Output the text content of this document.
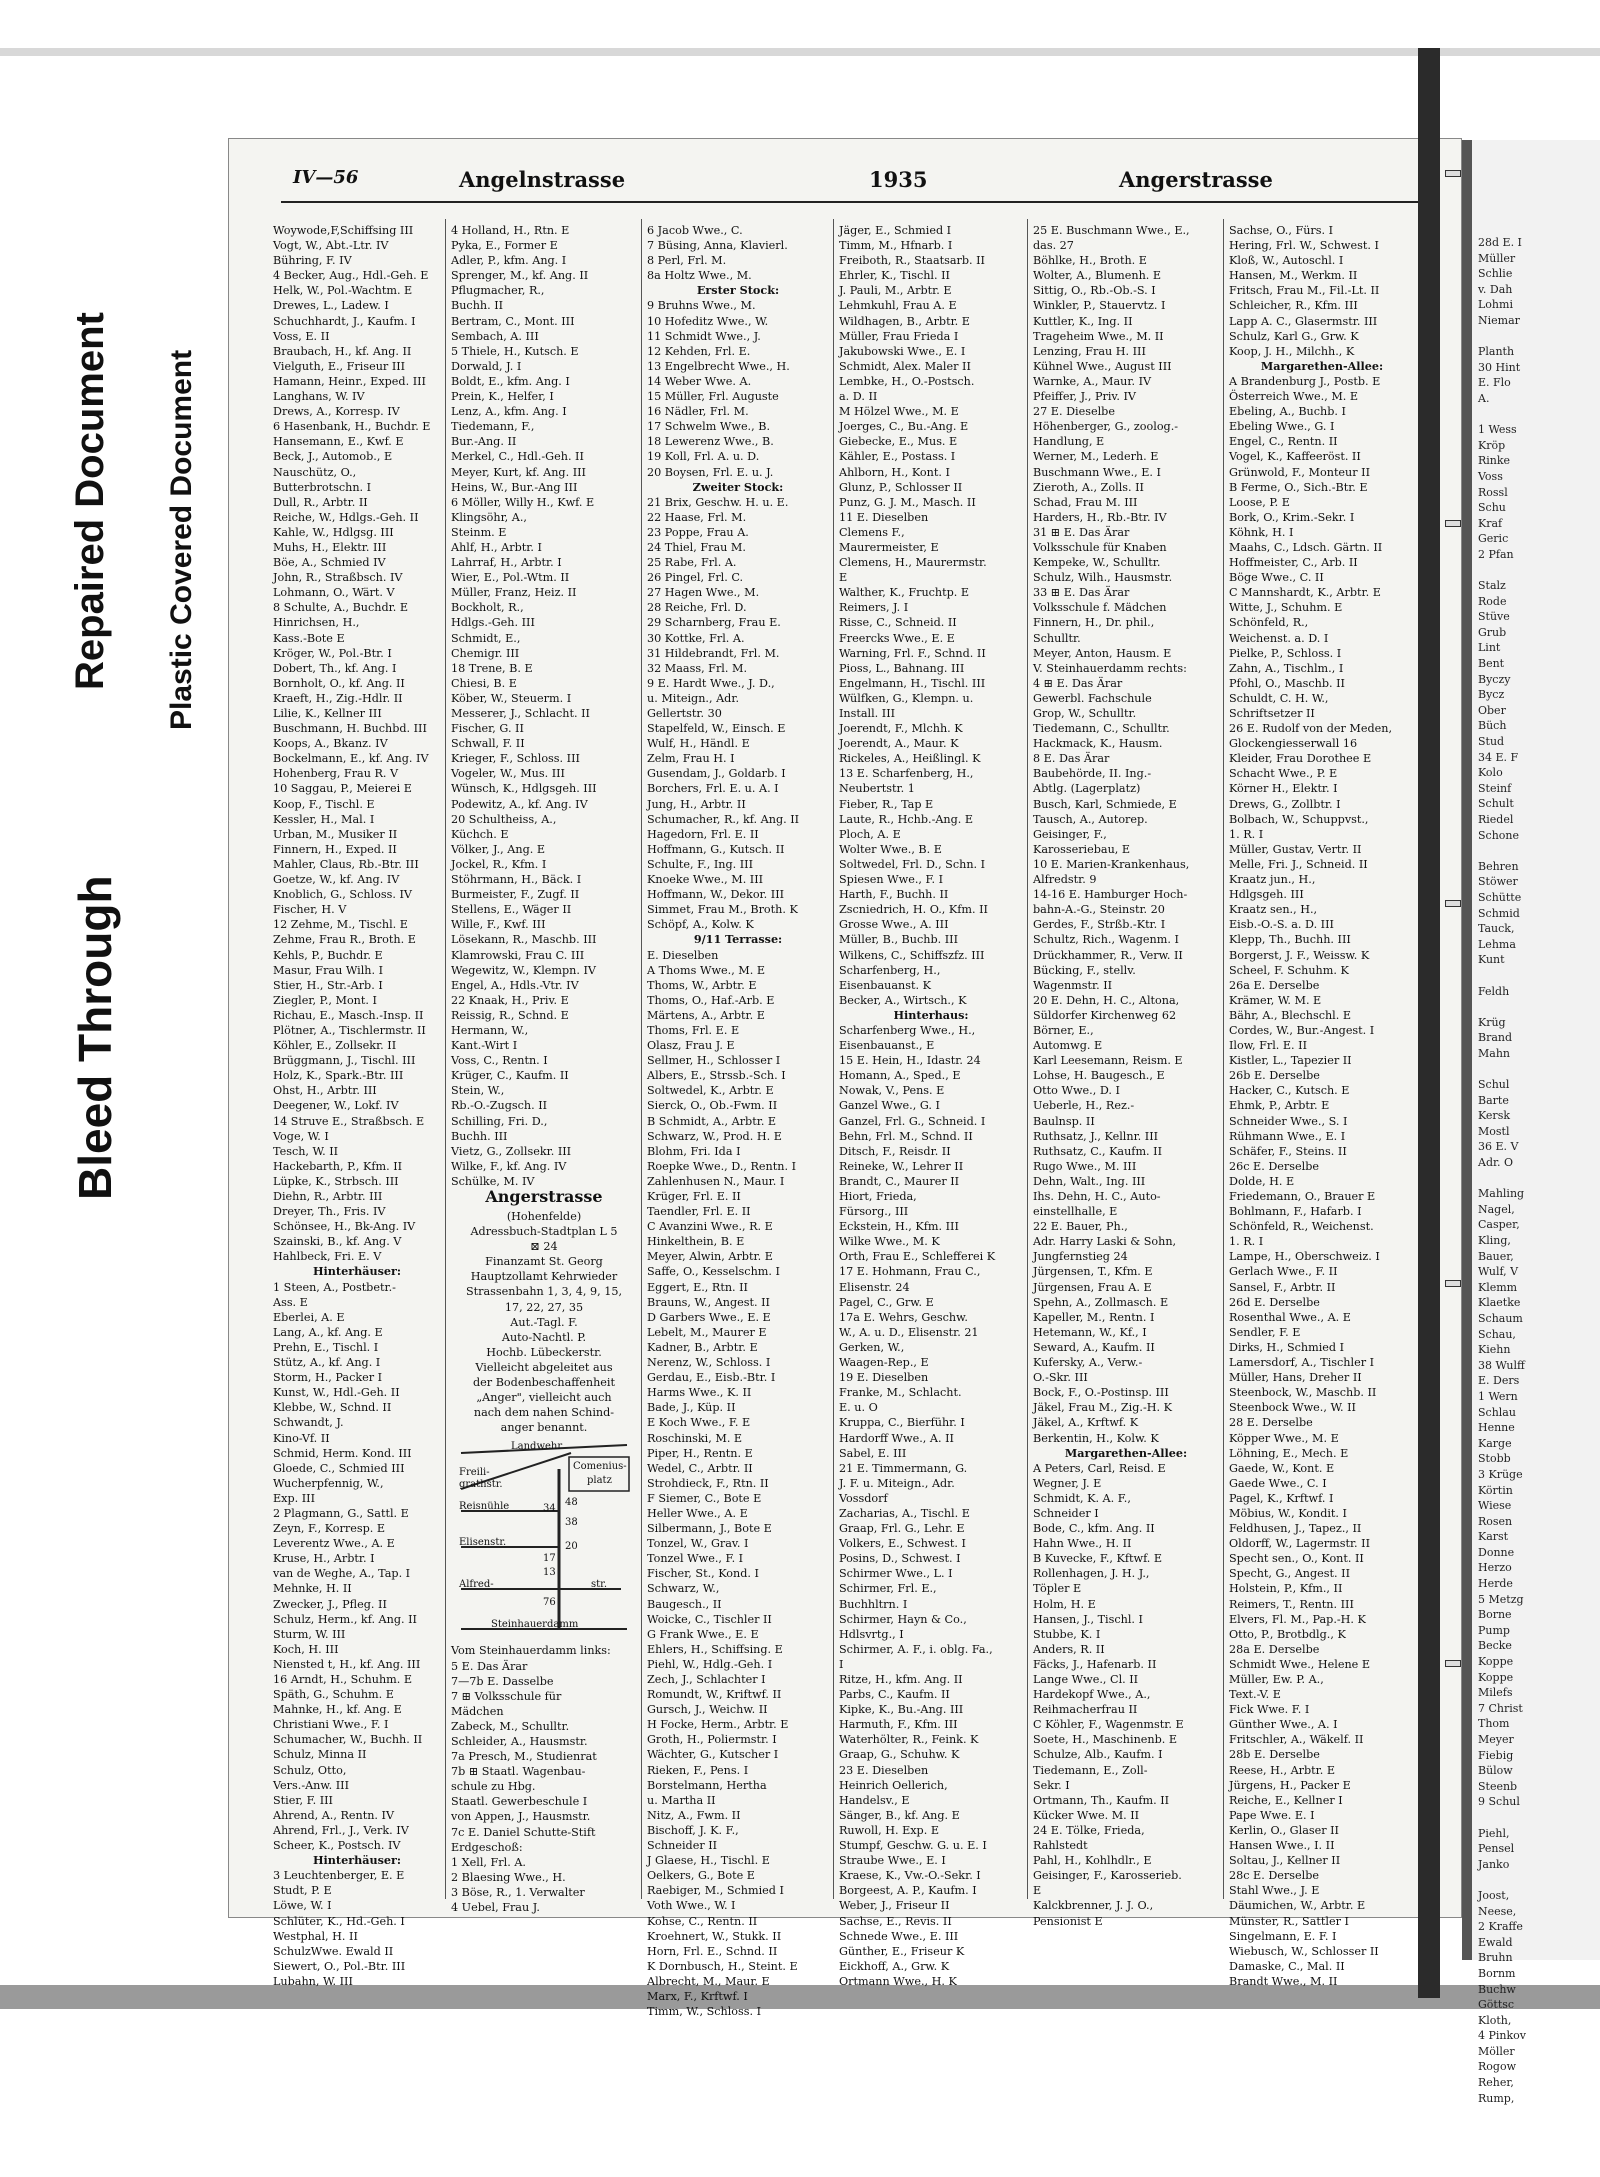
Bleed Through
Repaired Document Plastic Covered Document
IV—56	Angelnstrasse	1935	Angerstrasse
Woywode,F,Schiffsing III
Vogt, W., Abt.-Ltr. IV
Bühring, F. IV
4 Becker, Aug., Hdl.-Geh. E
Helk, W., Pol.-Wachtm. E
Drewes, L., Ladew. I
Schuchhardt, J., Kaufm. I
Voss, E. II
Braubach, H., kf. Ang. II
Vielguth, E., Friseur III
Hamann, Heinr., Exped. III
Langhans, W. IV
Drews, A., Korresp. IV
6 Hasenbank, H., Buchdr. E
Hansemann, E., Kwf. E
Beck, J., Automob., E
Nauschütz, O.,
Butterbrotschn. I
Dull, R., Arbtr. II
Reiche, W., Hdlgs.-Geh. II
Kahle, W., Hdlgsg. III
Muhs, H., Elektr. III
Böe, A., Schmied IV
John, R., Straßbsch. IV
Lohmann, O., Wärt. V
8 Schulte, A., Buchdr. E
Hinrichsen, H.,
Kass.-Bote E
Kröger, W., Pol.-Btr. I
Dobert, Th., kf. Ang. I
Bornholt, O., kf. Ang. II
Kraeft, H., Zig.-Hdlr. II
Lilie, K., Kellner III
Buschmann, H. Buchbd. III
Koops, A., Bkanz. IV
Bockelmann, E., kf. Ang. IV
Hohenberg, Frau R. V
10 Saggau, P., Meierei E
Koop, F., Tischl. E
Kessler, H., Mal. I
Urban, M., Musiker II
Finnern, H., Exped. II
Mahler, Claus, Rb.-Btr. III
Goetze, W., kf. Ang. IV
Knoblich, G., Schloss. IV
Fischer, H. V
12 Zehme, M., Tischl. E
Zehme, Frau R., Broth. E
Kehls, P., Buchdr. E
Masur, Frau Wilh. I
Stier, H., Str.-Arb. I
Ziegler, P., Mont. I
Richau, E., Masch.-Insp. II
Plötner, A., Tischlermstr. II
Köhler, E., Zollsekr. II
Brüggmann, J., Tischl. III
Holz, K., Spark.-Btr. III
Ohst, H., Arbtr. III
Deegener, W., Lokf. IV
14 Struve E., Straßbsch. E
Voge, W. I
Tesch, W. II
Hackebarth, P., Kfm. II
Lüpke, K., Strbsch. III
Diehn, R., Arbtr. III
Dreyer, Th., Fris. IV
Schönsee, H., Bk-Ang. IV
Szainski, B., kf. Ang. V
Hahlbeck, Fri. E. V
Hinterhäuser:
1 Steen, A., Postbetr.-
Ass. E
Eberlei, A. E
Lang, A., kf. Ang. E
Prehn, E., Tischl. I
Stütz, A., kf. Ang. I
Storm, H., Packer I
Kunst, W., Hdl.-Geh. II
Klebbe, W., Schnd. II
Schwandt, J.
Kino-Vf. II
Schmid, Herm. Kond. III
Gloede, C., Schmied III
Wucherpfennig, W.,
Exp. III
2 Plagmann, G., Sattl. E
Zeyn, F., Korresp. E
Leverentz Wwe., A. E
Kruse, H., Arbtr. I
van de Weghe, A., Tap. I
Mehnke, H. II
Zwecker, J., Pfleg. II
Schulz, Herm., kf. Ang. II
Sturm, W. III
Koch, H. III
Niensted t, H., kf. Ang. III
16 Arndt, H., Schuhm. E
Späth, G., Schuhm. E
Mahnke, H., kf. Ang. E
Christiani Wwe., F. I
Schumacher, W., Buchh. II
Schulz, Minna II
Schulz, Otto,
Vers.-Anw. III
Stier, F. III
Ahrend, A., Rentn. IV
Ahrend, Frl., J., Verk. IV
Scheer, K., Postsch. IV
Hinterhäuser:
3 Leuchtenberger, E. E
Studt, P. E
Löwe, W. I
Schlüter, K., Hd.-Geh. I
Westphal, H. II
SchulzWwe. Ewald II
Siewert, O., Pol.-Btr. III
Lubahn, W. III
4 Holland, H., Rtn. E
Pyka, E., Former E
Adler, P., kfm. Ang. I
Sprenger, M., kf. Ang. II
Pflugmacher, R.,
Buchh. II
Bertram, C., Mont. III
Sembach, A. III
5 Thiele, H., Kutsch. E
Dorwald, J. I
Boldt, E., kfm. Ang. I
Prein, K., Helfer, I
Lenz, A., kfm. Ang. I
Tiedemann, F.,
Bur.-Ang. II
Merkel, C., Hdl.-Geh. II
Meyer, Kurt, kf. Ang. III
Heins, W., Bur.-Ang III
6 Möller, Willy H., Kwf. E
Klingsöhr, A.,
Steinm. E
Ahlf, H., Arbtr. I
Lahrraf, H., Arbtr. I
Wier, E., Pol.-Wtm. II
Müller, Franz, Heiz. II
Bockholt, R.,
Hdlgs.-Geh. III
Schmidt, E.,
Chemigr. III
18 Trene, B. E
Chiesi, B. E
Köber, W., Steuerm. I
Messerer, J., Schlacht. II
Fischer, G. II
Schwall, F. II
Krieger, F., Schloss. III
Vogeler, W., Mus. III
Wünsch, K., Hdlgsgeh. III
Podewitz, A., kf. Ang. IV
20 Schultheiss, A.,
Küchch. E
Völker, J., Ang. E
Jockel, R., Kfm. I
Stöhrmann, H., Bäck. I
Burmeister, F., Zugf. II
Stellens, E., Wäger II
Wille, F., Kwf. III
Lösekann, R., Maschb. III
Klamrowski, Frau C. III
Wegewitz, W., Klempn. IV
Engel, A., Hdls.-Vtr. IV
22 Knaak, H., Priv. E
Reissig, R., Schnd. E
Hermann, W.,
Kant.-Wirt I
Voss, C., Rentn. I
Krüger, C., Kaufm. II
Stein, W.,
Rb.-O.-Zugsch. II
Schilling, Fri. D.,
Buchh. III
Vietz, G., Zollsekr. III
Wilke, F., kf. Ang. IV
Schülke, M. IV
Angerstrasse
(Hohenfelde)
Adressbuch-Stadtplan L 5
⊠ 24
Finanzamt St. Georg
Hauptzollamt Kehrwieder
Strassenbahn 1, 3, 4, 9, 15,
17, 22, 27, 35
Aut.-Tagl. F.
Auto-Nachtl. P.
Hochb. Lübeckerstr.
Vielleicht abgeleitet aus
der Bodenbeschaffenheit
„Anger", vielleicht auch
nach dem nahen Schind-
anger benannt.
Landwehr
Freili-
grathstr.
Comenius-
platz
Reisnühle
Elisenstr.
Alfred-	str.
Steinhauerdamm
48
34
38
20
17
13
76
Vom Steinhauerdamm links:
5 E. Das Ärar
7—7b E. Dasselbe
7 ⊞ Volksschule für
Mädchen
Zabeck, M., Schulltr.
Schleider, A., Hausmstr.
7a Presch, M., Studienrat
7b ⊞ Staatl. Wagenbau-
schule zu Hbg.
Staatl. Gewerbeschule I
von Appen, J., Hausmstr.
7c E. Daniel Schutte-Stift
Erdgeschoß:
1 Xell, Frl. A.
2 Blaesing Wwe., H.
3 Böse, R., 1. Verwalter
4 Uebel, Frau J.
6 Jacob Wwe., C.
7 Büsing, Anna, Klavierl.
8 Perl, Frl. M.
8a Holtz Wwe., M.
Erster Stock:
9 Bruhns Wwe., M.
10 Hofeditz Wwe., W.
11 Schmidt Wwe., J.
12 Kehden, Frl. E.
13 Engelbrecht Wwe., H.
14 Weber Wwe. A.
15 Müller, Frl. Auguste
16 Nädler, Frl. M.
17 Schwelm Wwe., B.
18 Lewerenz Wwe., B.
19 Koll, Frl. A. u. D.
20 Boysen, Frl. E. u. J.
Zweiter Stock:
21 Brix, Geschw. H. u. E.
22 Haase, Frl. M.
23 Poppe, Frau A.
24 Thiel, Frau M.
25 Rabe, Frl. A.
26 Pingel, Frl. C.
27 Hagen Wwe., M.
28 Reiche, Frl. D.
29 Scharnberg, Frau E.
30 Kottke, Frl. A.
31 Hildebrandt, Frl. M.
32 Maass, Frl. M.
9 E. Hardt Wwe., J. D.,
u. Miteign., Adr.
Gellertstr. 30
Stapelfeld, W., Einsch. E
Wulf, H., Händl. E
Zelm, Frau H. I
Gusendam, J., Goldarb. I
Borchers, Frl. E. u. A. I
Jung, H., Arbtr. II
Schumacher, R., kf. Ang. II
Hagedorn, Frl. E. II
Hoffmann, G., Kutsch. II
Schulte, F., Ing. III
Knoeke Wwe., M. III
Hoffmann, W., Dekor. III
Simmet, Frau M., Broth. K
Schöpf, A., Kolw. K
9/11 Terrasse:
E. Dieselben
A Thoms Wwe., M. E
Thoms, W., Arbtr. E
Thoms, O., Haf.-Arb. E
Märtens, A., Arbtr. E
Thoms, Frl. E. E
Olasz, Frau J. E
Sellmer, H., Schlosser I
Albers, E., Strssb.-Sch. I
Soltwedel, K., Arbtr. E
Sierck, O., Ob.-Fwm. II
B Schmidt, A., Arbtr. E
Schwarz, W., Prod. H. E
Blohm, Fri. Ida I
Roepke Wwe., D., Rentn. I
Zahlenhusen N., Maur. I
Krüger, Frl. E. II
Taendler, Frl. E. II
C Avanzini Wwe., R. E
Hinkelthein, B. E
Meyer, Alwin, Arbtr. E
Saffe, O., Kesselschm. I
Eggert, E., Rtn. II
Brauns, W., Angest. II
D Garbers Wwe., E. E
Lebelt, M., Maurer E
Kadner, B., Arbtr. E
Nerenz, W., Schloss. I
Gerdau, E., Eisb.-Btr. I
Harms Wwe., K. II
Bade, J., Küp. II
E Koch Wwe., F. E
Roschinski, M. E
Piper, H., Rentn. E
Wedel, C., Arbtr. II
Strohdieck, F., Rtn. II
F Siemer, C., Bote E
Heller Wwe., A. E
Silbermann, J., Bote E
Tonzel, W., Grav. I
Tonzel Wwe., F. I
Fischer, St., Kond. I
Schwarz, W.,
Baugesch., II
Woicke, C., Tischler II
G Frank Wwe., E. E
Ehlers, H., Schiffsing. E
Piehl, W., Hdlg.-Geh. I
Zech, J., Schlachter I
Romundt, W., Kriftwf. II
Gursch, J., Weichw. II
H Focke, Herm., Arbtr. E
Groth, H., Poliermstr. I
Wächter, G., Kutscher I
Rieken, F., Pens. I
Borstelmann, Hertha
u. Martha II
Nitz, A., Fwm. II
Bischoff, J. K. F.,
Schneider II
J Glaese, H., Tischl. E
Oelkers, G., Bote E
Raebiger, M., Schmied I
Voth Wwe., W. I
Kohse, C., Rentn. II
Kroehnert, W., Stukk. II
Horn, Frl. E., Schnd. II
K Dornbusch, H., Steint. E
Albrecht, M., Maur. E
Marx, F., Krftwf. I
Timm, W., Schloss. I
Jäger, E., Schmied I
Timm, M., Hfnarb. I
Freiboth, R., Staatsarb. II
Ehrler, K., Tischl. II
J. Pauli, M., Arbtr. E
Lehmkuhl, Frau A. E
Wildhagen, B., Arbtr. E
Müller, Frau Frieda I
Jakubowski Wwe., E. I
Schmidt, Alex. Maler II
Lembke, H., O.-Postsch.
a. D. II
M Hölzel Wwe., M. E
Joerges, C., Bu.-Ang. E
Giebecke, E., Mus. E
Kähler, E., Postass. I
Ahlborn, H., Kont. I
Glunz, P., Schlosser II
Punz, G. J. M., Masch. II
11 E. Dieselben
Clemens F.,
Maurermeister, E
Clemens, H., Maurermstr.
E
Walther, K., Fruchtp. E
Reimers, J. I
Risse, C., Schneid. II
Freercks Wwe., E. E
Warning, Frl. F., Schnd. II
Pioss, L., Bahnang. III
Engelmann, H., Tischl. III
Wülfken, G., Klempn. u.
Install. III
Joerendt, F., Mlchh. K
Joerendt, A., Maur. K
Rickeles, A., Heißlingl. K
13 E. Scharfenberg, H.,
Neubertstr. 1
Fieber, R., Tap E
Laute, R., Hchb.-Ang. E
Ploch, A. E
Wolter Wwe., B. E
Soltwedel, Frl. D., Schn. I
Spiesen Wwe., F. I
Harth, F., Buchh. II
Zscniedrich, H. O., Kfm. II
Grosse Wwe., A. III
Müller, B., Buchb. III
Wilkens, C., Schiffszfz. III
Scharfenberg, H.,
Eisenbauanst. K
Becker, A., Wirtsch., K
Hinterhaus:
Scharfenberg Wwe., H.,
Eisenbauanst., E
15 E. Hein, H., Idastr. 24
Homann, A., Sped., E
Nowak, V., Pens. E
Ganzel Wwe., G. I
Ganzel, Frl. G., Schneid. I
Behn, Frl. M., Schnd. II
Ditsch, F., Reisdr. II
Reineke, W., Lehrer II
Brandt, C., Maurer II
Hiort, Frieda,
Fürsorg., III
Eckstein, H., Kfm. III
Wilke Wwe., M. K
Orth, Frau E., Schlefferei K
17 E. Hohmann, Frau C.,
Elisenstr. 24
Pagel, C., Grw. E
17a E. Wehrs, Geschw.
W., A. u. D., Elisenstr. 21
Gerken, W.,
Waagen-Rep., E
19 E. Dieselben
Franke, M., Schlacht.
E. u. O
Kruppa, C., Bierführ. I
Hardorff Wwe., A. II
Sabel, E. III
21 E. Timmermann, G.
J. F. u. Miteign., Adr.
Vossdorf
Zacharias, A., Tischl. E
Graap, Frl. G., Lehr. E
Volkers, E., Schwest. I
Posins, D., Schwest. I
Schirmer Wwe., L. I
Schirmer, Frl. E.,
Buchhltrn. I
Schirmer, Hayn & Co.,
Hdlsvrtg., I
Schirmer, A. F., i. oblg. Fa.,
I
Ritze, H., kfm. Ang. II
Parbs, C., Kaufm. II
Kipke, K., Bu.-Ang. III
Harmuth, F., Kfm. III
Waterhölter, R., Feink. K
Graap, G., Schuhw. K
23 E. Dieselben
Heinrich Oellerich,
Handelsv., E
Sänger, B., kf. Ang. E
Ruwoll, H. Exp. E
Stumpf, Geschw. G. u. E. I
Straube Wwe., E. I
Kraese, K., Vw.-O.-Sekr. I
Borgeest, A. P., Kaufm. I
Weber, J., Friseur II
Sachse, E., Revis. II
Schnede Wwe., E. III
Günther, E., Friseur K
Eickhoff, A., Grw. K
Ortmann Wwe., H. K
25 E. Buschmann Wwe., E.,
das. 27
Böhlke, H., Broth. E
Wolter, A., Blumenh. E
Sittig, O., Rb.-Ob.-S. I
Winkler, P., Stauervtz. I
Kuttler, K., Ing. II
Trageheim Wwe., M. II
Lenzing, Frau H. III
Kühnel Wwe., August III
Warnke, A., Maur. IV
Pfeiffer, J., Priv. IV
27 E. Dieselbe
Höhenberger, G., zoolog.-
Handlung, E
Werner, M., Lederh. E
Buschmann Wwe., E. I
Zieroth, A., Zolls. II
Schad, Frau M. III
Harders, H., Rb.-Btr. IV
31 ⊞ E. Das Ärar
Volksschule für Knaben
Kempeke, W., Schulltr.
Schulz, Wilh., Hausmstr.
33 ⊞ E. Das Ärar
Volksschule f. Mädchen
Finnern, H., Dr. phil.,
Schulltr.
Meyer, Anton, Hausm. E
V. Steinhauerdamm rechts:
4 ⊞ E. Das Ärar
Gewerbl. Fachschule
Grop, W., Schulltr.
Tiedemann, C., Schulltr.
Hackmack, K., Hausm.
8 E. Das Ärar
Baubehörde, II. Ing.-
Abtlg. (Lagerplatz)
Busch, Karl, Schmiede, E
Tausch, A., Autorep.
Geisinger, F.,
Karosseriebau, E
10 E. Marien-Krankenhaus,
Alfredstr. 9
14-16 E. Hamburger Hoch-
bahn-A.-G., Steinstr. 20
Gerdes, F., Strßb.-Ktr. I
Schultz, Rich., Wagenm. I
Drückhammer, R., Verw. II
Bücking, F., stellv.
Wagenmstr. II
20 E. Dehn, H. C., Altona,
Süldorfer Kirchenweg 62
Börner, E.,
Automwg. E
Karl Leesemann, Reism. E
Lohse, H. Baugesch., E
Otto Wwe., D. I
Ueberle, H., Rez.-
Baulnsp. II
Ruthsatz, J., Kellnr. III
Ruthsatz, C., Kaufm. II
Rugo Wwe., M. III
Dehn, Walt., Ing. III
Ihs. Dehn, H. C., Auto-
einstellhalle, E
22 E. Bauer, Ph.,
Adr. Harry Laski & Sohn,
Jungfernstieg 24
Jürgensen, T., Kfm. E
Jürgensen, Frau A. E
Spehn, A., Zollmasch. E
Kapeller, M., Rentn. I
Hetemann, W., Kf., I
Seward, A., Kaufm. II
Kufersky, A., Verw.-
O.-Skr. III
Bock, F., O.-Postinsp. III
Jäkel, Frau M., Zig.-H. K
Jäkel, A., Krftwf. K
Berkentin, H., Kolw. K
Margarethen-Allee:
A Peters, Carl, Reisd. E
Wegner, J. E
Schmidt, K. A. F.,
Schneider I
Bode, C., kfm. Ang. II
Hahn Wwe., H. II
B Kuvecke, F., Kftwf. E
Rollenhagen, J. H. J.,
Töpler E
Holm, H. E
Hansen, J., Tischl. I
Stubbe, K. I
Anders, R. II
Fäcks, J., Hafenarb. II
Lange Wwe., Cl. II
Hardekopf Wwe., A.,
Reihmacherfrau II
C Köhler, F., Wagenmstr. E
Soete, H., Maschinenb. E
Schulze, Alb., Kaufm. I
Tiedemann, E., Zoll-
Sekr. I
Ortmann, Th., Kaufm. II
Kücker Wwe. M. II
24 E. Tölke, Frieda,
Rahlstedt
Pahl, H., Kohlhdlr., E
Geisinger, F., Karosserieb.
E
Kalckbrenner, J. J. O.,
Pensionist E
Sachse, O., Fürs. I
Hering, Frl. W., Schwest. I
Kloß, W., Autoschl. I
Hansen, M., Werkm. II
Fritsch, Frau M., Fil.-Lt. II
Schleicher, R., Kfm. III
Lapp A. C., Glasermstr. III
Schulz, Karl G., Grw. K
Koop, J. H., Milchh., K
Margarethen-Allee:
A Brandenburg J., Postb. E
Österreich Wwe., M. E
Ebeling, A., Buchb. I
Ebeling Wwe., G. I
Engel, C., Rentn. II
Vogel, K., Kaffeeröst. II
Grünwold, F., Monteur II
B Ferme, O., Sich.-Btr. E
Loose, P. E
Bork, O., Krim.-Sekr. I
Köhnk, H. I
Maahs, C., Ldsch. Gärtn. II
Hoffmeister, C., Arb. II
Böge Wwe., C. II
C Mannshardt, K., Arbtr. E
Witte, J., Schuhm. E
Schönfeld, R.,
Weichenst. a. D. I
Pielke, P., Schloss. I
Zahn, A., Tischlm., I
Pfohl, O., Maschb. II
Schuldt, C. H. W.,
Schriftsetzer II
26 E. Rudolf von der Meden,
Glockengiesserwall 16
Kleider, Frau Dorothee E
Schacht Wwe., P. E
Körner H., Elektr. I
Drews, G., Zollbtr. I
Bolbach, W., Schuppvst.,
1. R. I
Müller, Gustav, Vertr. II
Melle, Fri. J., Schneid. II
Kraatz jun., H.,
Hdlgsgeh. III
Kraatz sen., H.,
Eisb.-O.-S. a. D. III
Klepp, Th., Buchh. III
Borgerst, J. F., Weissw. K
Scheel, F. Schuhm. K
26a E. Derselbe
Krämer, W. M. E
Bähr, A., Blechschl. E
Cordes, W., Bur.-Angest. I
Ilow, Frl. E. II
Kistler, L., Tapezier II
26b E. Derselbe
Hacker, C., Kutsch. E
Ehmk, P., Arbtr. E
Schneider Wwe., S. I
Rühmann Wwe., E. I
Schäfer, F., Steins. II
26c E. Derselbe
Dolde, H. E
Friedemann, O., Brauer E
Bohlmann, F., Hafarb. I
Schönfeld, R., Weichenst.
1. R. I
Lampe, H., Oberschweiz. I
Gerlach Wwe., F. II
Sansel, F., Arbtr. II
26d E. Derselbe
Rosenthal Wwe., A. E
Sendler, F. E
Dirks, H., Schmied I
Lamersdorf, A., Tischler I
Müller, Hans, Dreher II
Steenbock, W., Maschb. II
Steenbock Wwe., W. II
28 E. Derselbe
Köpper Wwe., M. E
Löhning, E., Mech. E
Gaede, W., Kont. E
Gaede Wwe., C. I
Pagel, K., Krftwf. I
Möbius, W., Kondit. I
Feldhusen, J., Tapez., II
Oldorff, W., Lagermstr. II
Specht sen., O., Kont. II
Specht, G., Angest. II
Holstein, P., Kfm., II
Reimers, T., Rentn. III
Elvers, Fl. M., Pap.-H. K
Otto, P., Brotbdlg., K
28a E. Derselbe
Schmidt Wwe., Helene E
Müller, Ew. P. A.,
Text.-V. E
Fick Wwe. F. I
Günther Wwe., A. I
Fritschler, A., Wäkelf. II
28b E. Derselbe
Reese, H., Arbtr. E
Jürgens, H., Packer E
Reiche, E., Kellner I
Pape Wwe. E. I
Kerlin, O., Glaser II
Hansen Wwe., I. II
Soltau, J., Kellner II
28c E. Derselbe
Stahl Wwe., J. E
Däumichen, W., Arbtr. E
Münster, R., Sattler I
Singelmann, E. F. I
Wiebusch, W., Schlosser II
Damaske, C., Mal. II
Brandt Wwe., M. II
28d E. I
Müller
Schlie
v. Dah
Lohmi
Niemar
Planth
30 Hint
E. Flo
A.
1 Wess
Kröp
Rinke
Voss
Rossl
Schu
Kraf
Geric
2 Pfan
Stalz
Rode
Stüve
Grub
Lint
Bent
Byczy
Bycz
Ober
Büch
Stud
34 E. F
Kolo
Steinf
Schult
Riedel
Schone
Behren
Stöwer
Schütte
Schmid
Tauck,
Lehma
Kunt
Feldh
Krüg
Brand
Mahn
Schul
Barte
Kersk
Mostl
36 E. V
Adr. O
Mahling
Nagel,
Casper,
Kling,
Bauer,
Wulf, V
Klemm
Klaetke
Schaum
Schau,
Kiehn
38 Wulff
E. Ders
1 Wern
Schlau
Henne
Karge
Stobb
3 Krüge
Körtin
Wiese
Rosen
Karst
Donne
Herzo
Herde
5 Metzg
Borne
Pump
Becke
Koppe
Koppe
Milefs
7 Christ
Thom
Meyer
Fiebig
Bülow
Steenb
9 Schul
Piehl,
Pensel
Janko
Joost,
Neese,
2 Kraffe
Ewald
Bruhn
Bornm
Buchw
Göttsc
Kloth,
4 Pinkov
Möller
Rogow
Reher,
Rump,
